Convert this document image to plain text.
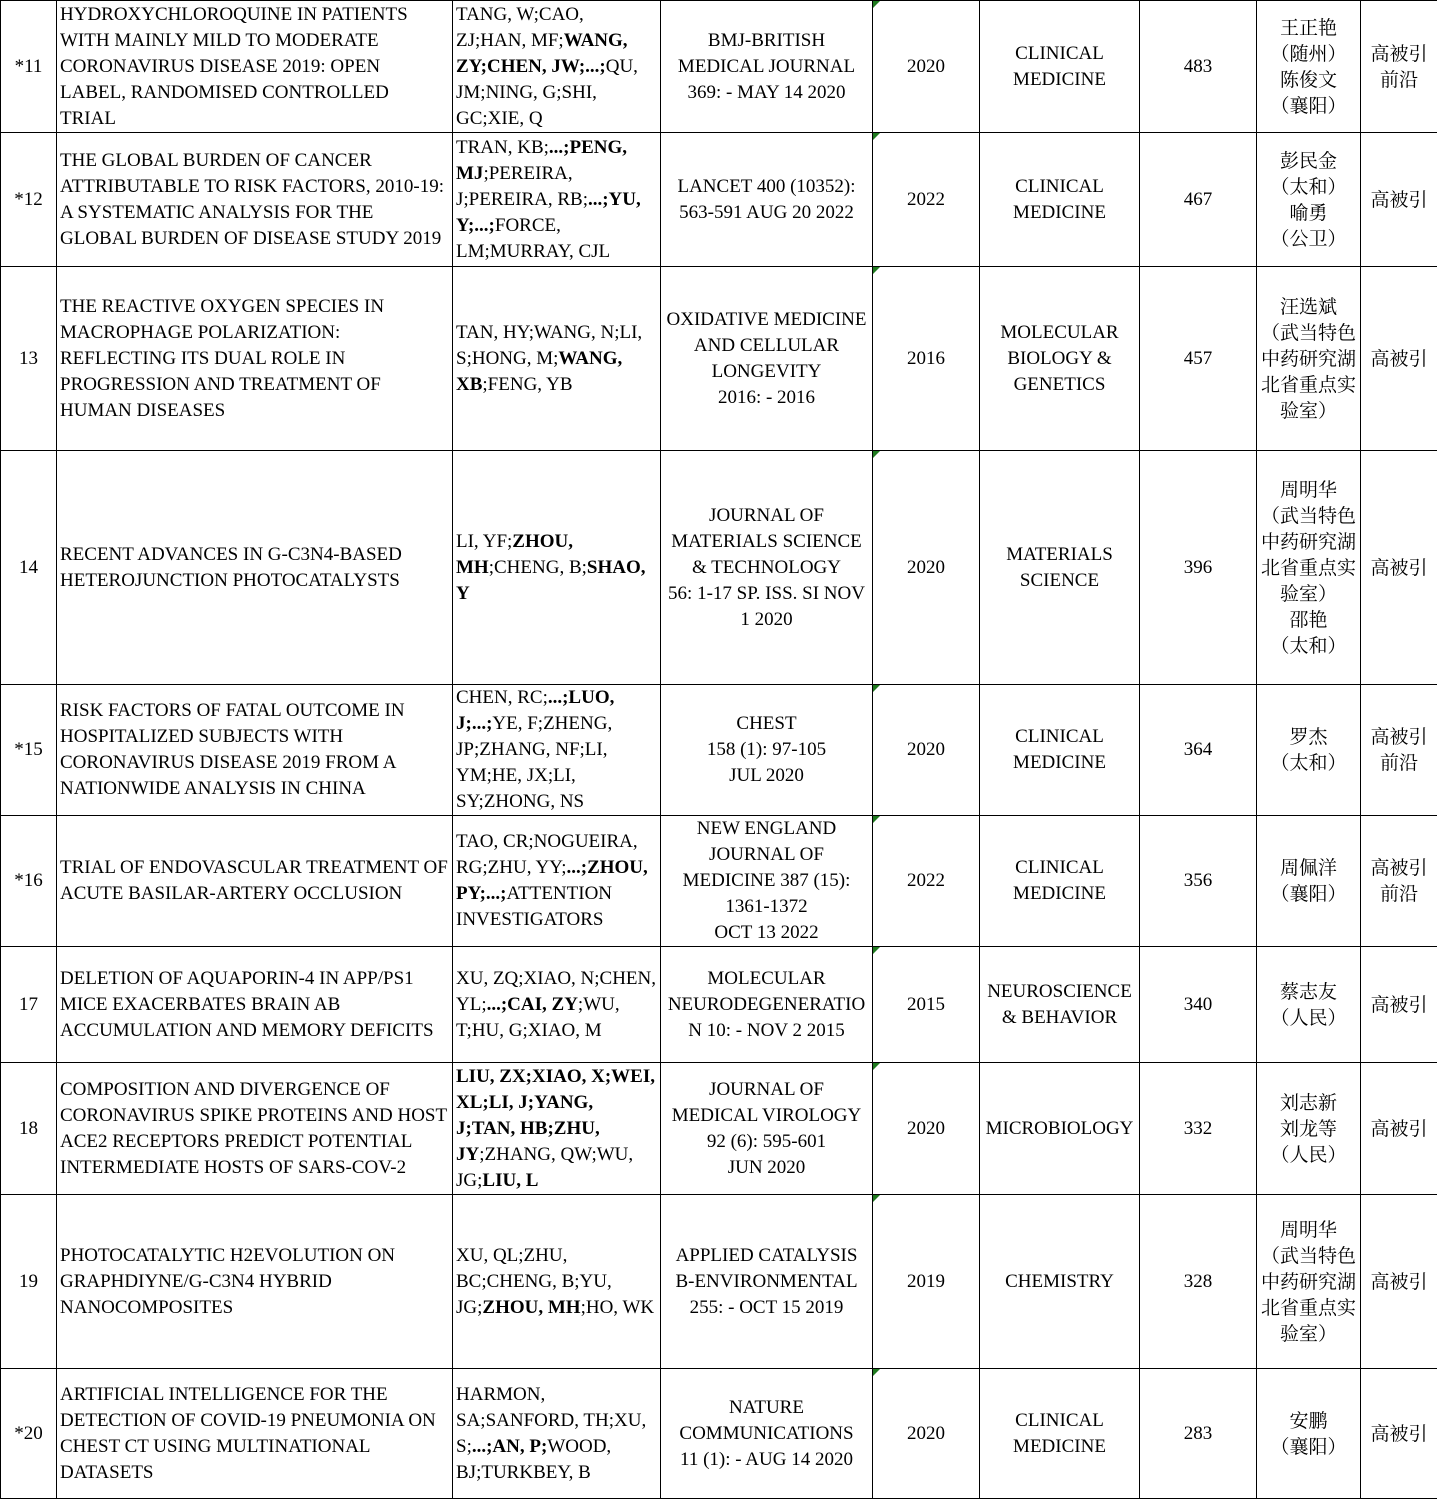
*11	HYDROXYCHLOROQUINE IN PATIENTS WITH MAINLY MILD TO MODERATE CORONAVIRUS DISEASE 2019: OPEN LABEL, RANDOMISED CONTROLLED TRIAL	TANG, W;CAO, ZJ;HAN, MF;WANG, ZY;CHEN, JW;...;QU, JM;NING, G;SHI, GC;XIE, Q	BMJ-BRITISH MEDICAL JOURNAL
369: - MAY 14 2020	2020	CLINICAL MEDICINE	483	王正艳
（随州）
陈俊文
（襄阳）	高被引
前沿

*12	THE GLOBAL BURDEN OF CANCER ATTRIBUTABLE TO RISK FACTORS, 2010-19: A SYSTEMATIC ANALYSIS FOR THE GLOBAL BURDEN OF DISEASE STUDY 2019	TRAN, KB;...;PENG, MJ;PEREIRA, J;PEREIRA, RB;...;YU, Y;...;FORCE, LM;MURRAY, CJL	LANCET 400 (10352): 563-591 AUG 20 2022	2022	CLINICAL MEDICINE	467	彭民金
（太和）
喻勇
（公卫）	高被引

13	THE REACTIVE OXYGEN SPECIES IN MACROPHAGE POLARIZATION: REFLECTING ITS DUAL ROLE IN PROGRESSION AND TREATMENT OF HUMAN DISEASES	TAN, HY;WANG, N;LI, S;HONG, M;WANG, XB;FENG, YB	OXIDATIVE MEDICINE AND CELLULAR LONGEVITY
2016: - 2016	2016	MOLECULAR BIOLOGY & GENETICS	457	汪选斌
（武当特色中药研究湖北省重点实验室）	高被引

14	RECENT ADVANCES IN G-C3N4-BASED HETEROJUNCTION PHOTOCATALYSTS	LI, YF;ZHOU, MH;CHENG, B;SHAO, Y	JOURNAL OF MATERIALS SCIENCE & TECHNOLOGY
56: 1-17 SP. ISS. SI NOV 1 2020	2020	MATERIALS SCIENCE	396	周明华
（武当特色中药研究湖北省重点实验室）
邵艳
（太和）	高被引

*15	RISK FACTORS OF FATAL OUTCOME IN HOSPITALIZED SUBJECTS WITH CORONAVIRUS DISEASE 2019 FROM A NATIONWIDE ANALYSIS IN CHINA	CHEN, RC;...;LUO, J;...;YE, F;ZHENG, JP;ZHANG, NF;LI, YM;HE, JX;LI, SY;ZHONG, NS	CHEST
158 (1): 97-105
JUL 2020	2020	CLINICAL MEDICINE	364	罗杰
（太和）	高被引
前沿

*16	TRIAL OF ENDOVASCULAR TREATMENT OF ACUTE BASILAR-ARTERY OCCLUSION	TAO, CR;NOGUEIRA, RG;ZHU, YY;...;ZHOU, PY;...;ATTENTION INVESTIGATORS	NEW ENGLAND JOURNAL OF MEDICINE 387 (15): 1361-1372
OCT 13 2022	2022	CLINICAL MEDICINE	356	周佩洋
（襄阳）	高被引
前沿

17	DELETION OF AQUAPORIN-4 IN APP/PS1 MICE EXACERBATES BRAIN AB ACCUMULATION AND MEMORY DEFICITS	XU, ZQ;XIAO, N;CHEN, YL;...;CAI, ZY;WU, T;HU, G;XIAO, M	MOLECULAR NEURODEGENERATIO N 10: - NOV 2 2015	2015	NEUROSCIENCE & BEHAVIOR	340	蔡志友
（人民）	高被引

18	COMPOSITION AND DIVERGENCE OF CORONAVIRUS SPIKE PROTEINS AND HOST ACE2 RECEPTORS PREDICT POTENTIAL INTERMEDIATE HOSTS OF SARS-COV-2	LIU, ZX;XIAO, X;WEI, XL;LI, J;YANG, J;TAN, HB;ZHU, JY;ZHANG, QW;WU, JG;LIU, L	JOURNAL OF MEDICAL VIROLOGY
92 (6): 595-601
JUN 2020	2020	MICROBIOLOGY	332	刘志新
刘龙等
（人民）	高被引

19	PHOTOCATALYTIC H2EVOLUTION ON GRAPHDIYNE/G-C3N4 HYBRID NANOCOMPOSITES	XU, QL;ZHU, BC;CHENG, B;YU, JG;ZHOU, MH;HO, WK	APPLIED CATALYSIS B-ENVIRONMENTAL
255: - OCT 15 2019	2019	CHEMISTRY	328	周明华
（武当特色中药研究湖北省重点实验室）	高被引

*20	ARTIFICIAL INTELLIGENCE FOR THE DETECTION OF COVID-19 PNEUMONIA ON CHEST CT USING MULTINATIONAL DATASETS	HARMON, SA;SANFORD, TH;XU, S;...;AN, P;WOOD, BJ;TURKBEY, B	NATURE COMMUNICATIONS
11 (1): - AUG 14 2020	2020	CLINICAL MEDICINE	283	安鹏
（襄阳）	高被引
